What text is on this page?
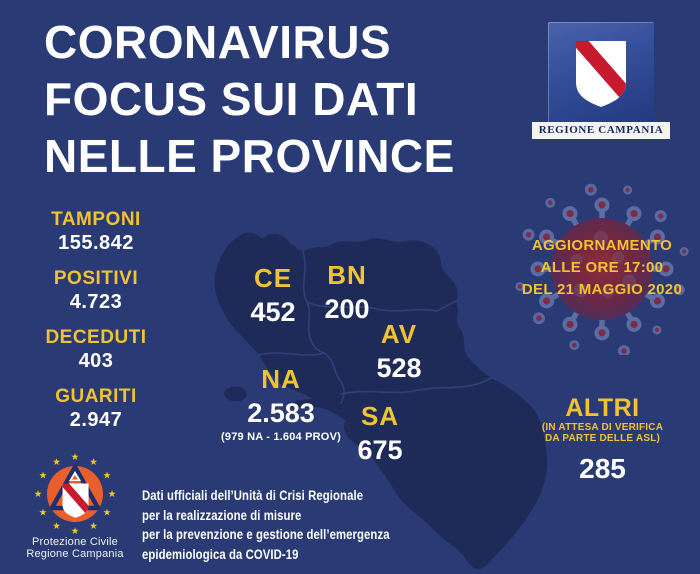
CORONAVIRUS
FOCUS SUI DATI
NELLE PROVINCE
TAMPONI
155.842
POSITIVI
4.723
DECEDUTI
403
GUARITI
2.947
CE
452
BN
200
AV
528
NA
2.583
(979 NA - 1.604 PROV)
SA
675
AGGIORNAMENTO
ALLE ORE 17:00
DEL 21 MAGGIO 2020
REGIONE CAMPANIA
ALTRI
(IN ATTESA DI VERIFICA
DA PARTE DELLE ASL)
285
★ ★
★
★
★
★
★
★
★
★
★
★
Protezione Civile
Regione Campania
Dati ufficiali dell’Unità di Crisi Regionale
per la realizzazione di misure
per la prevenzione e gestione dell’emergenza
epidemiologica da COVID-19
